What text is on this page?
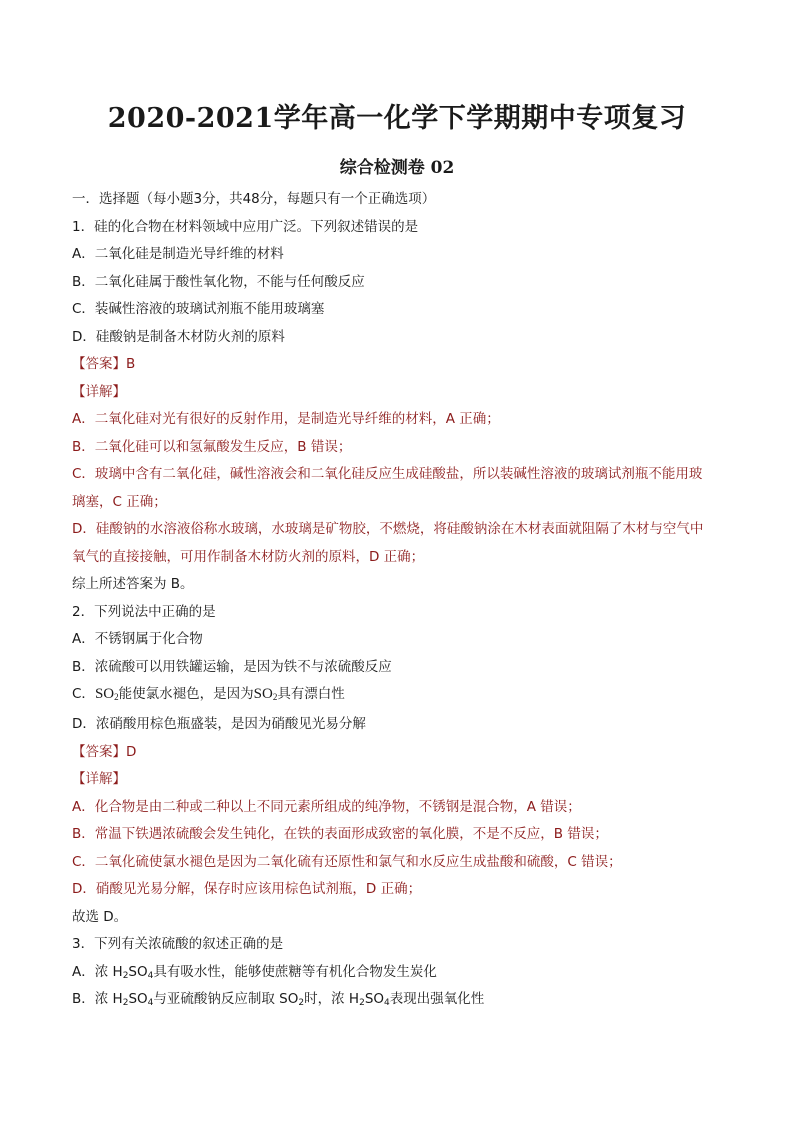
2020-2021学年高一化学下学期期中专项复习
综合检测卷 02

一．选择题（每小题3分，共48分，每题只有一个正确选项）

1．硅的化合物在材料领域中应用广泛。下列叙述错误的是

A．二氧化硅是制造光导纤维的材料

B．二氧化硅属于酸性氧化物，不能与任何酸反应

C．装碱性溶液的玻璃试剂瓶不能用玻璃塞

D．硅酸钠是制备木材防火剂的原料

【答案】B

【详解】

A．二氧化硅对光有很好的反射作用，是制造光导纤维的材料，A 正确；

B．二氧化硅可以和氢氟酸发生反应，B 错误；

C．玻璃中含有二氧化硅，碱性溶液会和二氧化硅反应生成硅酸盐，所以装碱性溶液的玻璃试剂瓶不能用玻

璃塞，C 正确；

D．硅酸钠的水溶液俗称水玻璃，水玻璃是矿物胶，不燃烧，将硅酸钠涂在木材表面就阻隔了木材与空气中

氧气的直接接触，可用作制备木材防火剂的原料，D 正确；

综上所述答案为 B。

2．下列说法中正确的是

A．不锈钢属于化合物

B．浓硫酸可以用铁罐运输，是因为铁不与浓硫酸反应

C．$SO_2$能使氯水褪色，是因为$SO_2$具有漂白性

D．浓硝酸用棕色瓶盛装，是因为硝酸见光易分解

【答案】D

【详解】

A．化合物是由二种或二种以上不同元素所组成的纯净物，不锈钢是混合物，A 错误；

B．常温下铁遇浓硫酸会发生钝化，在铁的表面形成致密的氧化膜，不是不反应，B 错误；

C．二氧化硫使氯水褪色是因为二氧化硫有还原性和氯气和水反应生成盐酸和硫酸，C 错误；

D．硝酸见光易分解，保存时应该用棕色试剂瓶，D 正确；

故选 D。

3．下列有关浓硫酸的叙述正确的是

A．浓 $H_2SO_4$具有吸水性，能够使蔗糖等有机化合物发生炭化

B．浓 $H_2SO_4$与亚硫酸钠反应制取 $SO_2$时，浓 $H_2SO_4$表现出强氧化性
